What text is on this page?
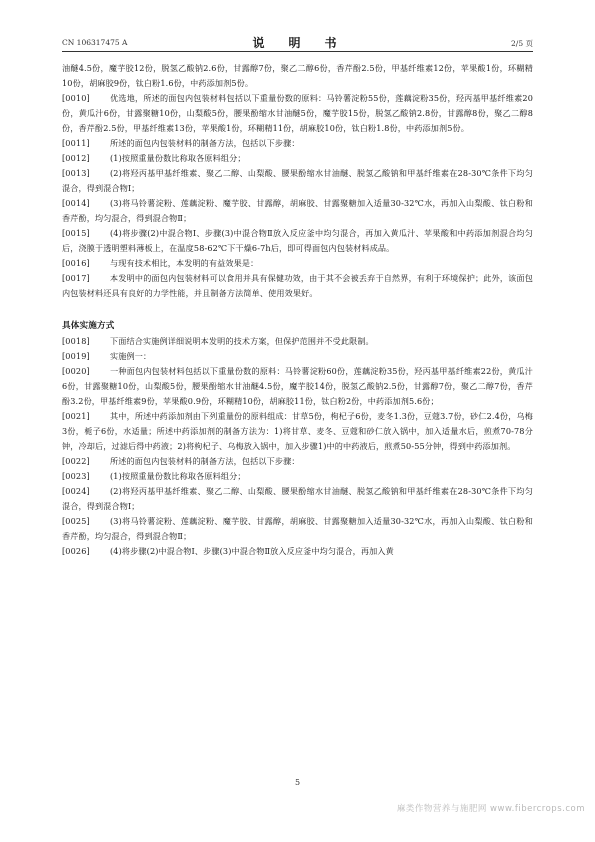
CN 106317475 A	说　明　书	2/5 页

油醚4.5份，魔芋胶12份，脱氢乙酸钠2.6份，甘露醇7份，聚乙二醇6份，香芹酚2.5份，甲基纤维素12份，苹果酸1份，环糊精10份，胡麻胶9份，钛白粉1.6份，中药添加剂5份。

[0010] 优选地，所述的面包内包装材料包括以下重量份数的原料：马铃薯淀粉55份，莲藕淀粉35份，羟丙基甲基纤维素20份，黄瓜汁6份，甘露聚糖10份，山梨酸5份，腰果酚缩水甘油醚5份，魔芋胶15份，脱氢乙酸钠2.8份，甘露醇8份，聚乙二醇8份，香芹酚2.5份，甲基纤维素13份，苹果酸1份，环糊精11份，胡麻胶10份，钛白粉1.8份，中药添加剂5份。

[0011] 所述的面包内包装材料的制备方法，包括以下步骤：

[0012] (1)按照重量份数比称取各原料组分；

[0013] (2)将羟丙基甲基纤维素、聚乙二醇、山梨酸、腰果酚缩水甘油醚、脱氢乙酸钠和甲基纤维素在28-30℃条件下均匀混合，得到混合物Ⅰ；

[0014] (3)将马铃薯淀粉、莲藕淀粉、魔芋胶、甘露醇，胡麻胶、甘露聚糖加入适量30-32℃水，再加入山梨酸、钛白粉和香芹酚，均匀混合，得到混合物Ⅱ；

[0015] (4)将步骤(2)中混合物Ⅰ、步骤(3)中混合物Ⅱ放入反应釜中均匀混合，再加入黄瓜汁、苹果酸和中药添加剂混合均匀后，浇膜于透明塑料薄板上，在温度58-62℃下干燥6-7h后，即可得面包内包装材料成品。

[0016] 与现有技术相比，本发明的有益效果是：

[0017] 本发明中的面包内包装材料可以食用并具有保健功效，由于其不会被丢弃于自然界，有利于环境保护；此外，该面包内包装材料还具有良好的力学性能，并且制备方法简单、使用效果好。

具体实施方式

[0018] 下面结合实施例详细说明本发明的技术方案，但保护范围并不受此限制。

[0019] 实施例一：

[0020] 一种面包内包装材料包括以下重量份数的原料：马铃薯淀粉60份，莲藕淀粉35份，羟丙基甲基纤维素22份，黄瓜汁6份，甘露聚糖10份，山梨酸5份，腰果酚缩水甘油醚4.5份，魔芋胶14份，脱氢乙酸钠2.5份，甘露醇7份，聚乙二醇7份，香芹酚3.2份，甲基纤维素9份，苹果酸0.9份，环糊精10份，胡麻胶11份，钛白粉2份，中药添加剂5.6份；

[0021] 其中，所述中药添加剂由下列重量份的原料组成：甘草5份，枸杞子6份，麦冬1.3份，豆蔻3.7份，砂仁2.4份，乌梅3份，栀子6份，水适量；所述中药添加剂的制备方法为：1)将甘草、麦冬、豆蔻和砂仁放入锅中，加入适量水后，煎煮70-78分钟，冷却后，过滤后得中药液；2)将枸杞子、乌梅放入锅中，加入步骤1)中的中药液后，煎煮50-55分钟，得到中药添加剂。

[0022] 所述的面包内包装材料的制备方法，包括以下步骤：

[0023] (1)按照重量份数比称取各原料组分；

[0024] (2)将羟丙基甲基纤维素、聚乙二醇、山梨酸、腰果酚缩水甘油醚、脱氢乙酸钠和甲基纤维素在28-30℃条件下均匀混合，得到混合物Ⅰ；

[0025] (3)将马铃薯淀粉、莲藕淀粉、魔芋胶、甘露醇，胡麻胶、甘露聚糖加入适量30-32℃水，再加入山梨酸、钛白粉和香芹酚，均匀混合，得到混合物Ⅱ；

[0026] (4)将步骤(2)中混合物Ⅰ、步骤(3)中混合物Ⅱ放入反应釜中均匀混合，再加入黄

5
麻类作物营养与施肥网 www.fibercrops.com
